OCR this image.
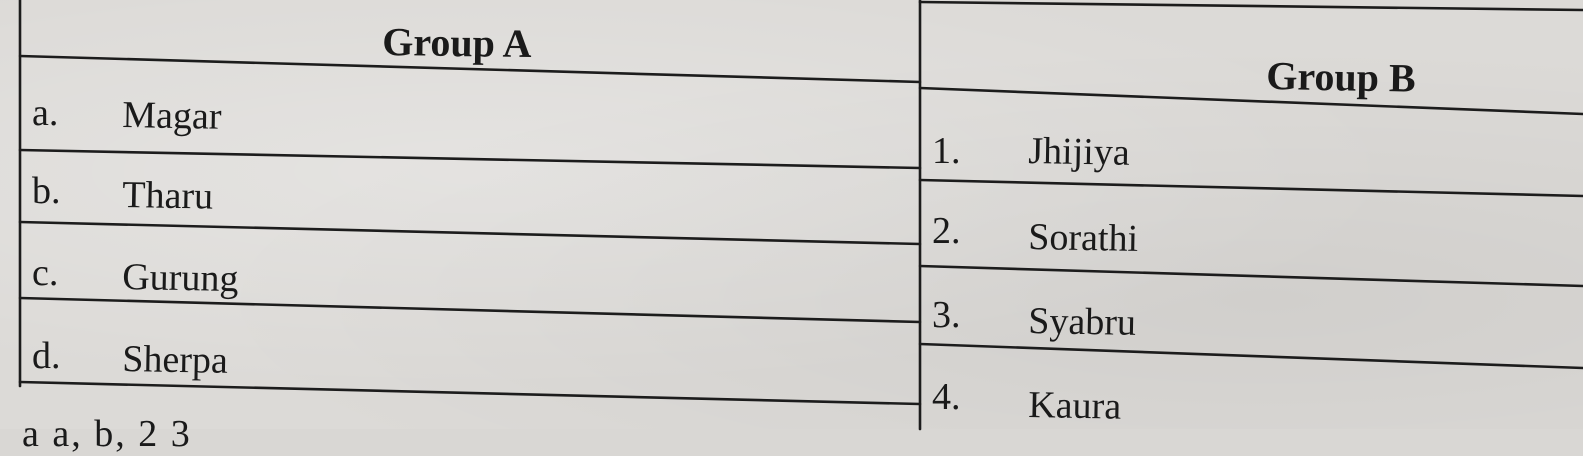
Group A
a. Magar
b. Tharu
c. Gurung
d. Sherpa
Group B
1. Jhijiya
2. Sorathi
3. Syabru
4. Kaura
a a, b, 2 3
